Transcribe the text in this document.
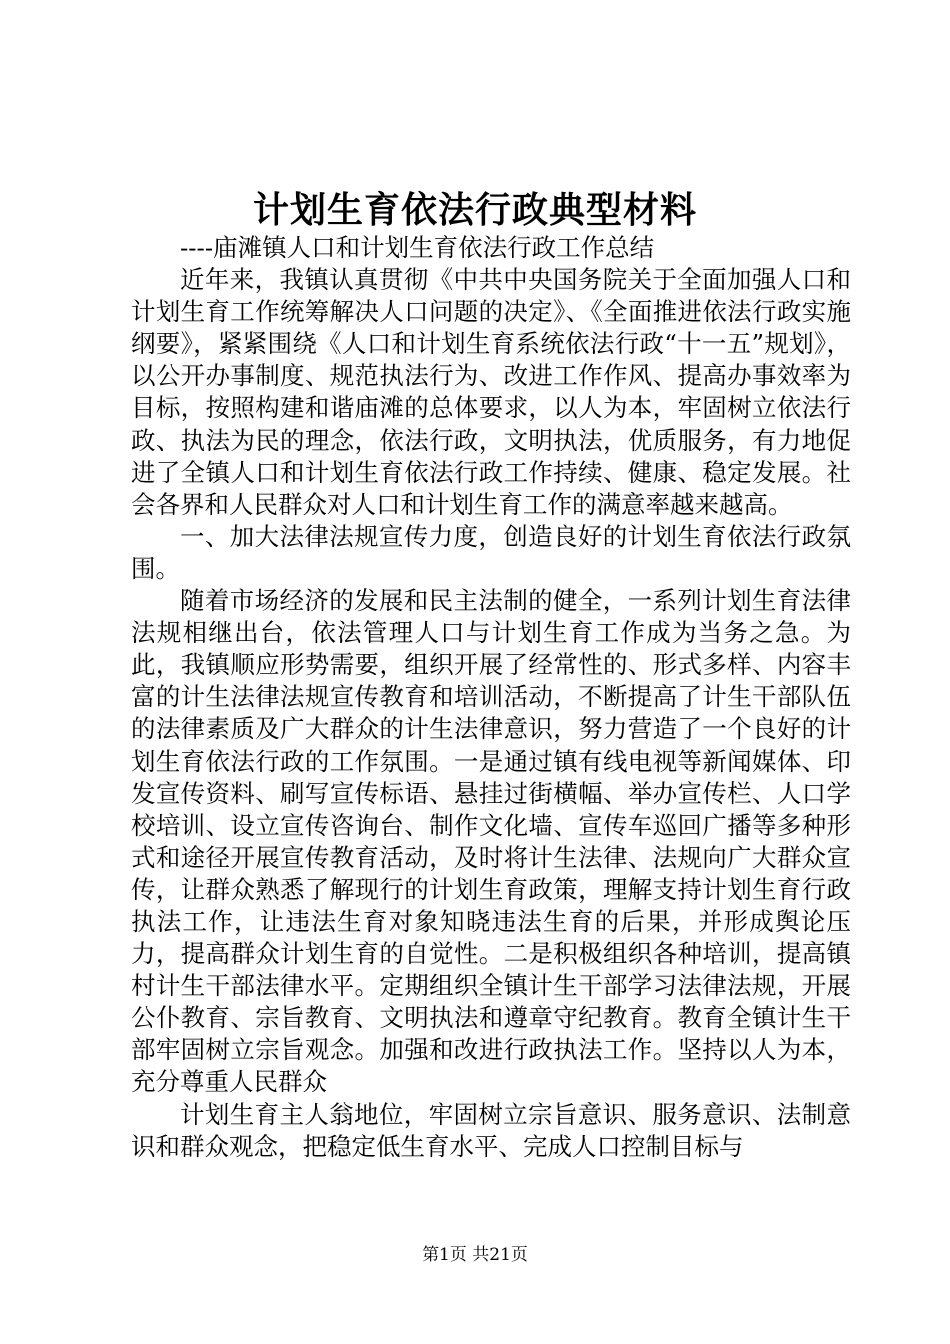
计划生育依法行政典型材料

----庙滩镇人口和计划生育依法行政工作总结

近年来，我镇认真贯彻《中共中央国务院关于全面加强人口和计划生育工作统筹解决人口问题的决定》、《全面推进依法行政实施纲要》，紧紧围绕《人口和计划生育系统依法行政“十一五”规划》，以公开办事制度、规范执法行为、改进工作作风、提高办事效率为目标，按照构建和谐庙滩的总体要求，以人为本，牢固树立依法行政、执法为民的理念，依法行政，文明执法，优质服务，有力地促进了全镇人口和计划生育依法行政工作持续、健康、稳定发展。社会各界和人民群众对人口和计划生育工作的满意率越来越高。

一、加大法律法规宣传力度，创造良好的计划生育依法行政氛围。

随着市场经济的发展和民主法制的健全，一系列计划生育法律法规相继出台，依法管理人口与计划生育工作成为当务之急。为此，我镇顺应形势需要，组织开展了经常性的、形式多样、内容丰富的计生法律法规宣传教育和培训活动，不断提高了计生干部队伍的法律素质及广大群众的计生法律意识，努力营造了一个良好的计划生育依法行政的工作氛围。一是通过镇有线电视等新闻媒体、印发宣传资料、刷写宣传标语、悬挂过街横幅、举办宣传栏、人口学校培训、设立宣传咨询台、制作文化墙、宣传车巡回广播等多种形式和途径开展宣传教育活动，及时将计生法律、法规向广大群众宣传，让群众熟悉了解现行的计划生育政策，理解支持计划生育行政执法工作，让违法生育对象知晓违法生育的后果，并形成舆论压力，提高群众计划生育的自觉性。二是积极组织各种培训，提高镇村计生干部法律水平。定期组织全镇计生干部学习法律法规，开展公仆教育、宗旨教育、文明执法和遵章守纪教育。教育全镇计生干部牢固树立宗旨观念。加强和改进行政执法工作。坚持以人为本，充分尊重人民群众

计划生育主人翁地位，牢固树立宗旨意识、服务意识、法制意识和群众观念，把稳定低生育水平、完成人口控制目标与

第1页 共21页
